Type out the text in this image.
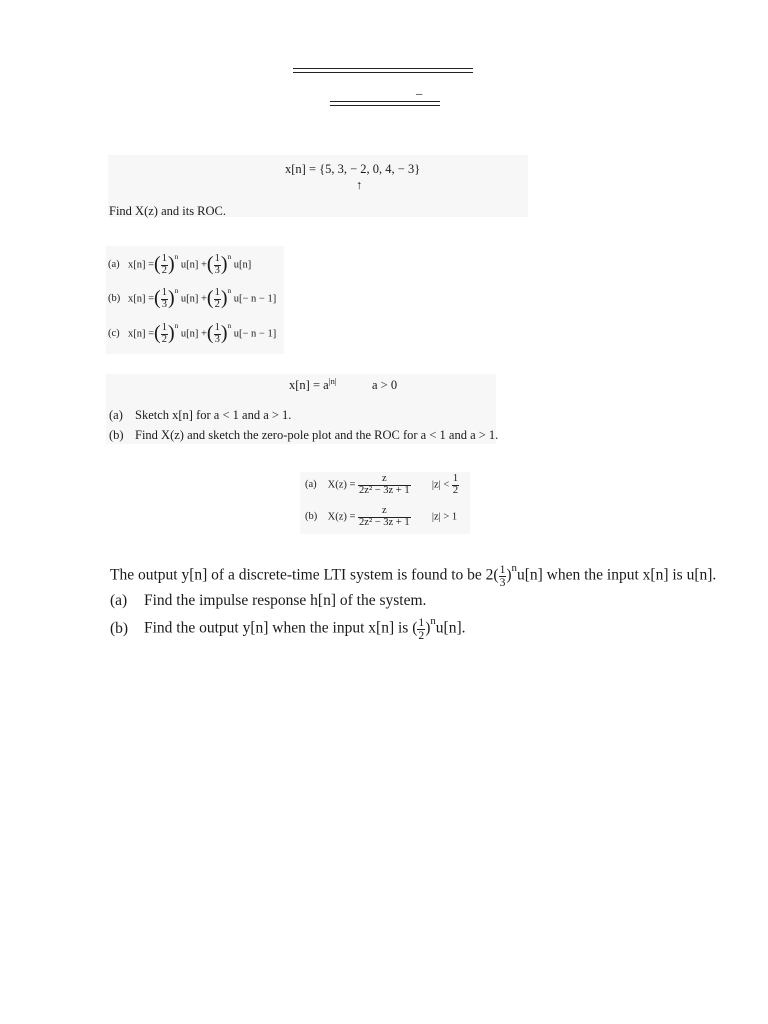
_
x[n] = {5, 3, − 2, 0, 4, − 3}
↑
Find X(z) and its ROC.
(a) x[n] =( $\frac{1}{2} )^n$ u[n] +( $\frac{1}{3} )^n$ u[n]
(b) x[n] =( $\frac{1}{3} )^n$ u[n] +( $\frac{1}{2} )^n$ u[− n − 1]
(c) x[n] =( $\frac{1}{2} )^n$ u[n] +( $\frac{1}{3} )^n$ u[− n − 1]
$x[n] = a^{|n|}$	a > 0
(a) Sketch x[n] for a < 1 and a > 1.
(b) Find X(z) and sketch the zero-pole plot and the ROC for a < 1 and a > 1.
(a) $X(z) = \frac{z}{\text{2z² − 3z + 1}} |z| < \frac{1}{2}$
(b) $X(z) = \frac{z}{\text{2z² − 3z + 1}} |z| > 1$
The output y[n] of a discrete-time LTI system is found to be $2( \frac{1}{3} )^nu[n]$ when the input x[n] is u[n].
(a) Find the impulse response h[n] of the system.
(b) Find the output y[n] when the input x[n] is ( $\frac{1}{2} )^nu[n]$.
